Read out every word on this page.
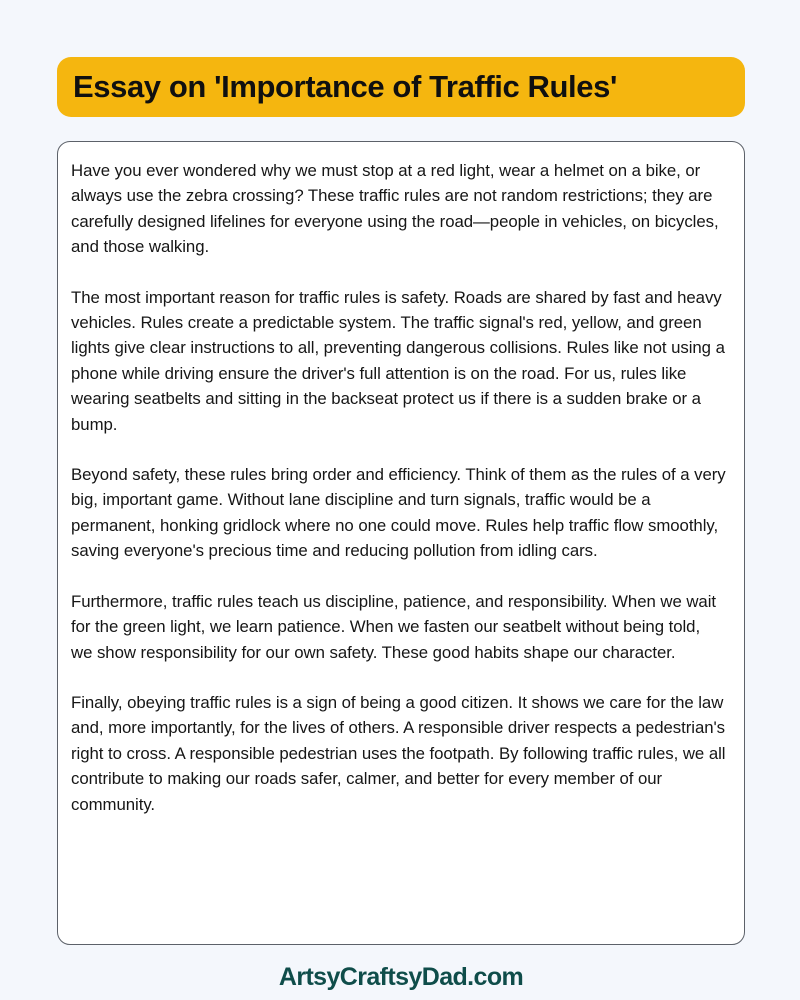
Essay on 'Importance of Traffic Rules'

Have you ever wondered why we must stop at a red light, wear a helmet on a bike, or always use the zebra crossing? These traffic rules are not random restrictions; they are carefully designed lifelines for everyone using the road—people in vehicles, on bicycles, and those walking.

The most important reason for traffic rules is safety. Roads are shared by fast and heavy vehicles. Rules create a predictable system. The traffic signal's red, yellow, and green lights give clear instructions to all, preventing dangerous collisions. Rules like not using a phone while driving ensure the driver's full attention is on the road. For us, rules like wearing seatbelts and sitting in the backseat protect us if there is a sudden brake or a bump.

Beyond safety, these rules bring order and efficiency. Think of them as the rules of a very big, important game. Without lane discipline and turn signals, traffic would be a permanent, honking gridlock where no one could move. Rules help traffic flow smoothly, saving everyone's precious time and reducing pollution from idling cars.

Furthermore, traffic rules teach us discipline, patience, and responsibility. When we wait for the green light, we learn patience. When we fasten our seatbelt without being told, we show responsibility for our own safety. These good habits shape our character.

Finally, obeying traffic rules is a sign of being a good citizen. It shows we care for the law and, more importantly, for the lives of others. A responsible driver respects a pedestrian's right to cross. A responsible pedestrian uses the footpath. By following traffic rules, we all contribute to making our roads safer, calmer, and better for every member of our community.

ArtsyCraftsyDad.com
